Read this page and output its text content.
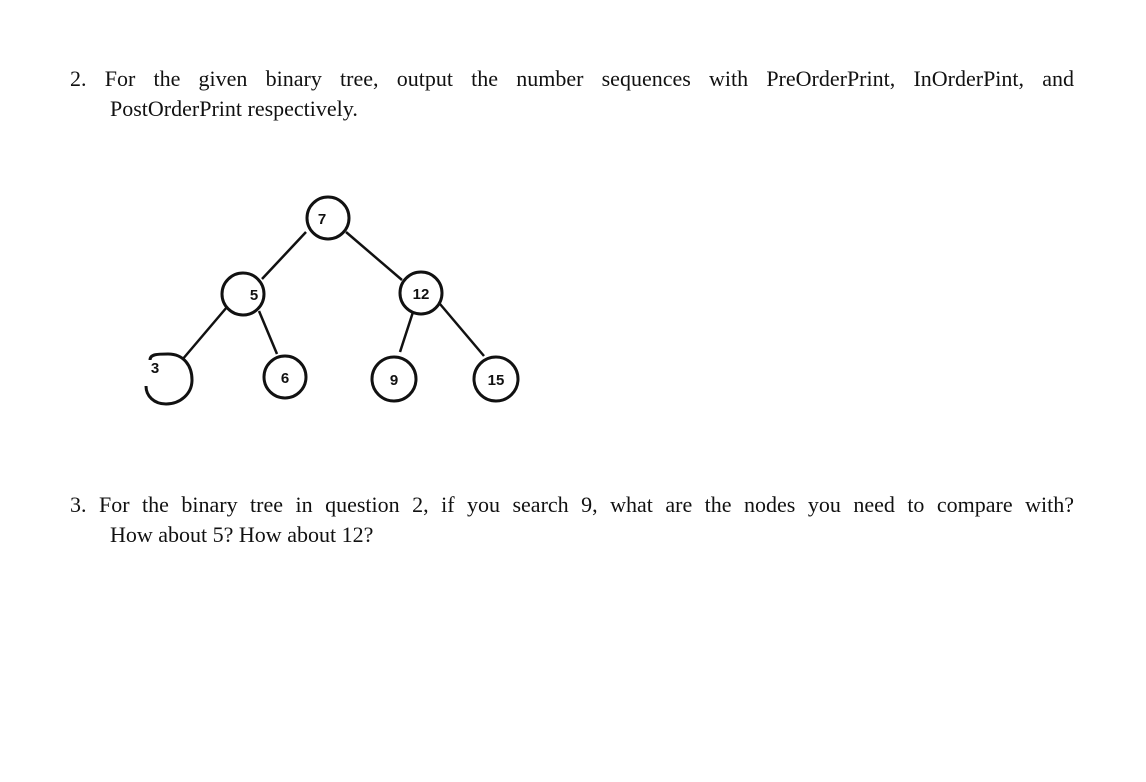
2. For the given binary tree, output the number sequences with PreOrderPrint, InOrderPint, and
PostOrderPrint respectively.
7
5	12
3
6	9	15
3. For the binary tree in question 2, if you search 9, what are the nodes you need to compare with?
How about 5? How about 12?
